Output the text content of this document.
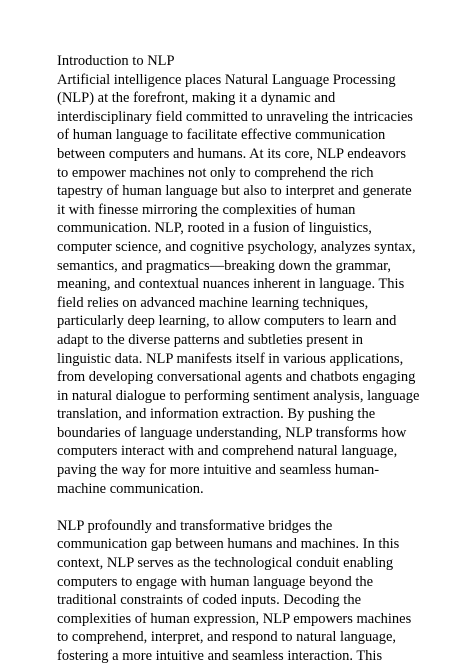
Introduction to NLP
Artificial intelligence places Natural Language Processing
(NLP) at the forefront, making it a dynamic and
interdisciplinary field committed to unraveling the intricacies
of human language to facilitate effective communication
between computers and humans. At its core, NLP endeavors
to empower machines not only to comprehend the rich
tapestry of human language but also to interpret and generate
it with finesse mirroring the complexities of human
communication. NLP, rooted in a fusion of linguistics,
computer science, and cognitive psychology, analyzes syntax,
semantics, and pragmatics—breaking down the grammar,
meaning, and contextual nuances inherent in language. This
field relies on advanced machine learning techniques,
particularly deep learning, to allow computers to learn and
adapt to the diverse patterns and subtleties present in
linguistic data. NLP manifests itself in various applications,
from developing conversational agents and chatbots engaging
in natural dialogue to performing sentiment analysis, language
translation, and information extraction. By pushing the
boundaries of language understanding, NLP transforms how
computers interact with and comprehend natural language,
paving the way for more intuitive and seamless human-
machine communication.
NLP profoundly and transformative bridges the
communication gap between humans and machines. In this
context, NLP serves as the technological conduit enabling
computers to engage with human language beyond the
traditional constraints of coded inputs. Decoding the
complexities of human expression, NLP empowers machines
to comprehend, interpret, and respond to natural language,
fostering a more intuitive and seamless interaction. This
